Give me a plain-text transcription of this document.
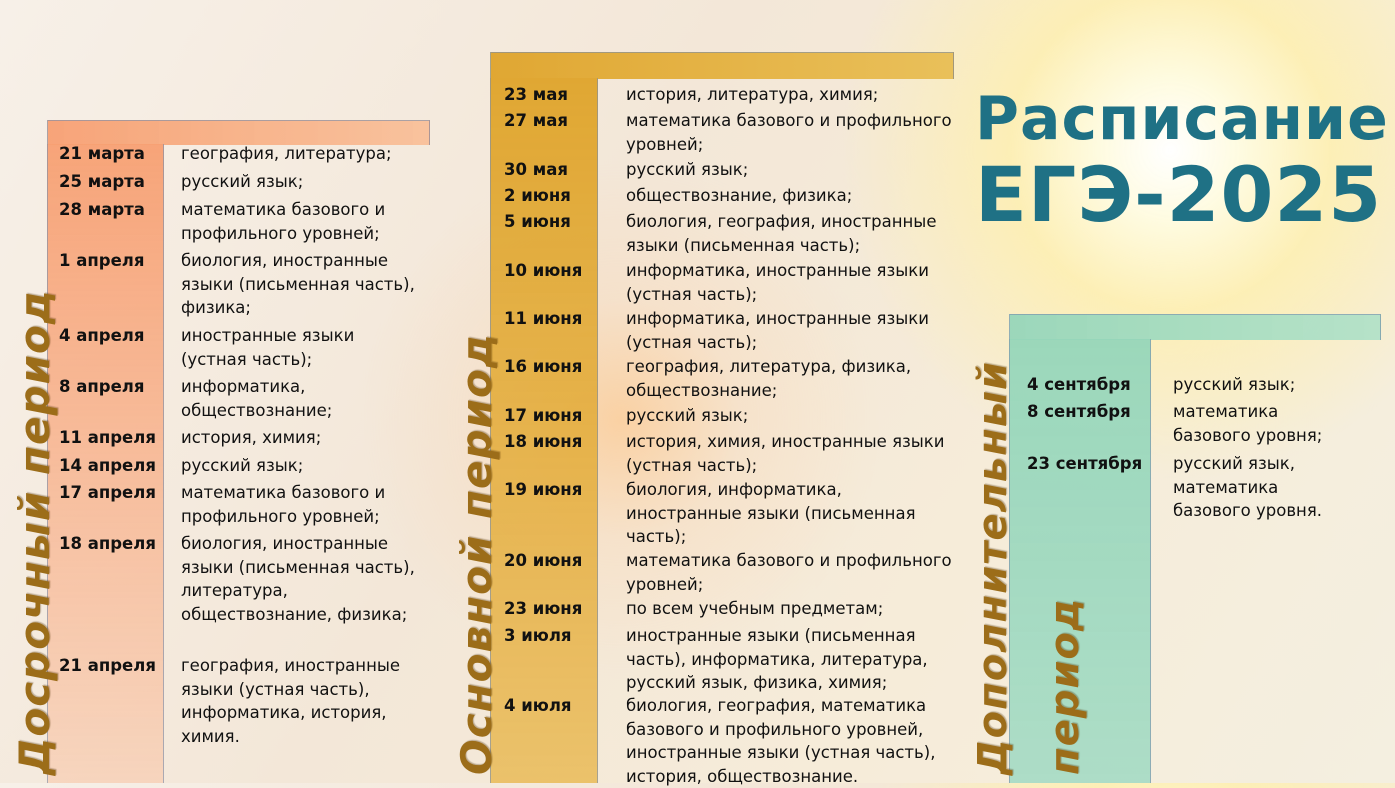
Досрочный период
21 марта	география, литература;
25 марта	русский язык;
28 марта	математика базового и профильного уровней;
1 апреля	биология, иностранные языки (письменная часть), физика;
4 апреля	иностранные языки (устная часть);
8 апреля	информатика, обществознание;
11 апреля	история, химия;
14 апреля	русский язык;
17 апреля	математика базового и профильного уровней;
18 апреля	биология, иностранные языки (письменная часть), литература, обществознание, физика;
21 апреля	география, иностранные языки (устная часть), информатика, история, химия.	Основной период
23 мая	история, литература, химия;
27 мая	математика базового и профильного уровней;
30 мая	русский язык;
2 июня	обществознание, физика;
5 июня	биология, география, иностранные языки (письменная часть);
10 июня	информатика, иностранные языки (устная часть);
11 июня	информатика, иностранные языки (устная часть);
16 июня	география, литература, физика, обществознание;
17 июня	русский язык;
18 июня	история, химия, иностранные языки (устная часть);
19 июня	биология, информатика, иностранные языки (письменная часть);
20 июня	математика базового и профильного уровней;
23 июня	по всем учебным предметам;
3 июля	иностранные языки (письменная часть), информатика, литература, русский язык, физика, химия;
4 июля	биология, география, математика базового и профильного уровней, иностранные языки (устная часть), история, обществознание.
Расписание
ЕГЭ-2025
Дополнительный период
4 сентября	русский язык;
8 сентября	математика базового уровня;
23 сентября	русский язык, математика базового уровня.
